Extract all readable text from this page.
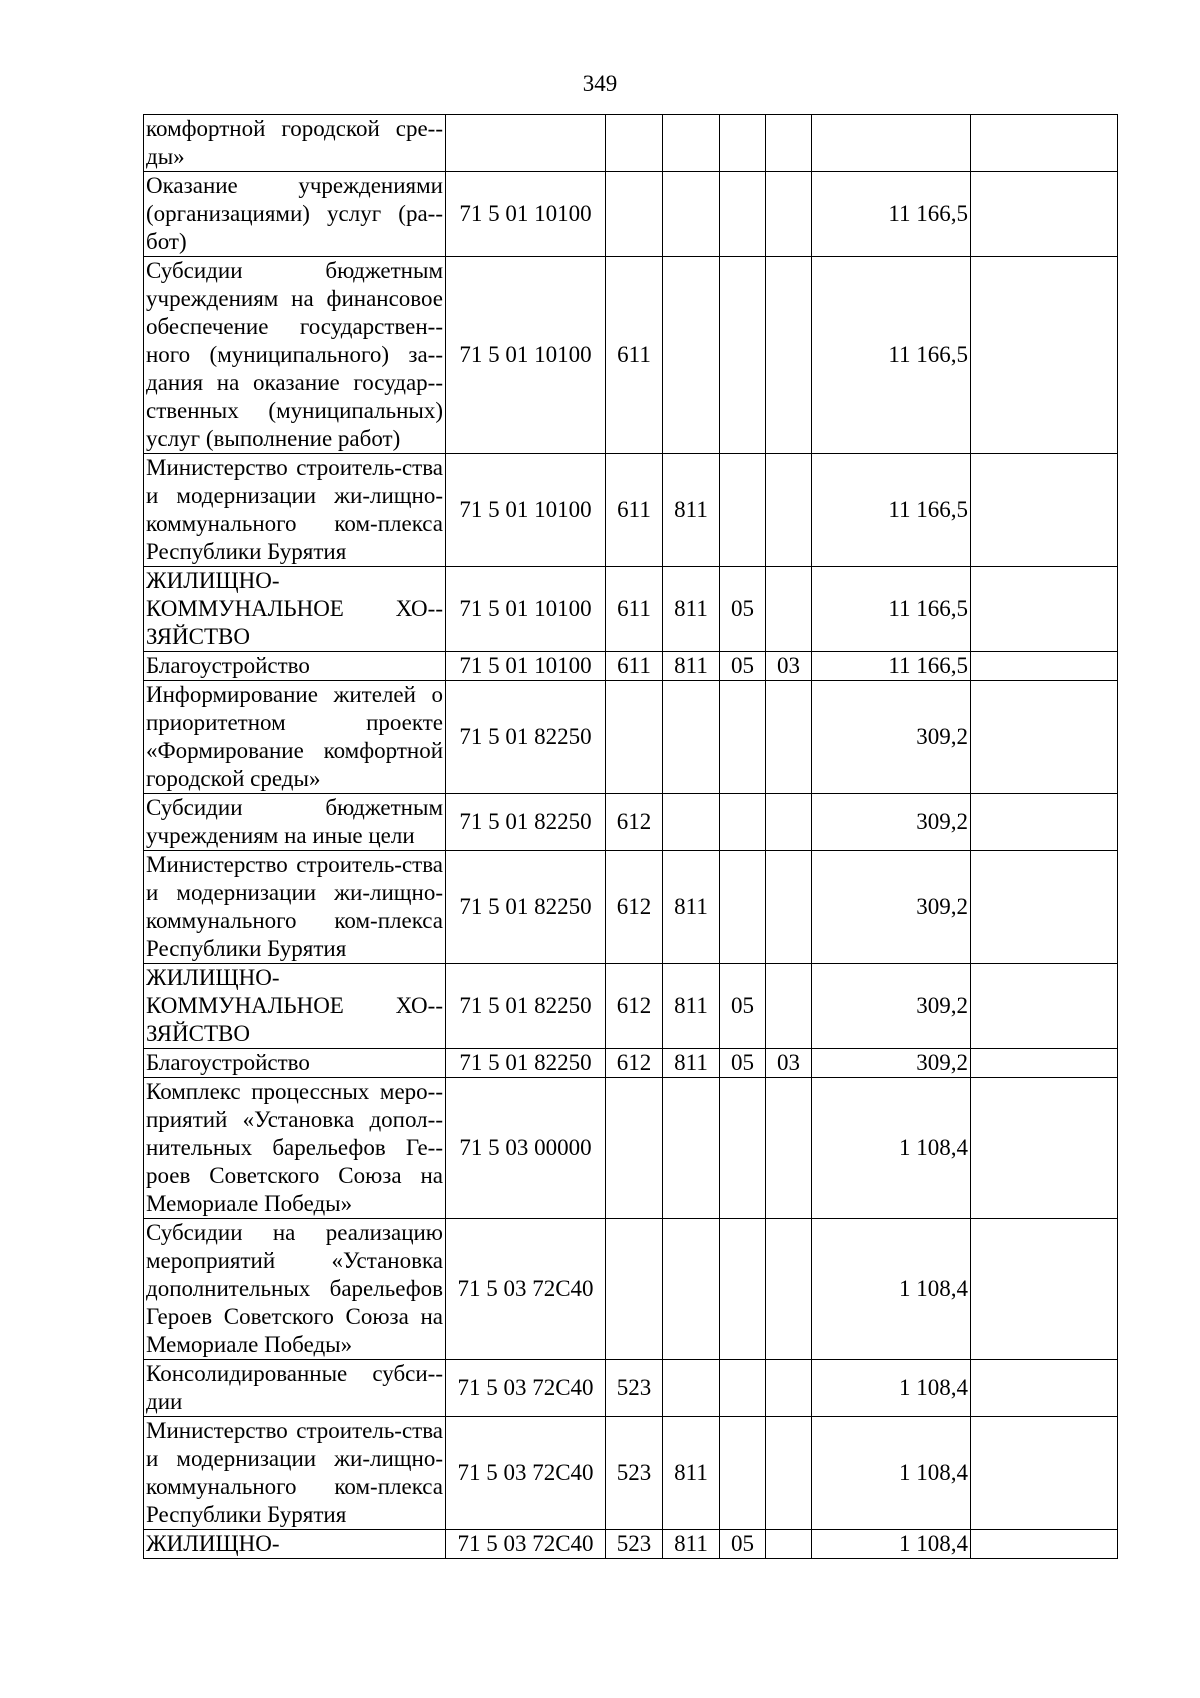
349
комфортной городской сре-ды»							
Оказание учреждениями (организациями) услуг (ра-бот)	71 5 01 10100					11 166,5	
Субсидии бюджетным учреждениям на финансовое обеспечение государствен-ного (муниципального) за-дания на оказание государ-ственных (муниципальных) услуг (выполнение работ)	71 5 01 10100	611				11 166,5	
Министерство строитель-ства и модернизации жи-лищно-коммунального ком-плекса Республики Бурятия	71 5 01 10100	611	811			11 166,5	
ЖИЛИЩНО-КОММУНАЛЬНОЕ ХО-ЗЯЙСТВО	71 5 01 10100	611	811	05		11 166,5	
Благоустройство	71 5 01 10100	611	811	05	03	11 166,5	
Информирование жителей о приоритетном проекте «Формирование комфортной городской среды»	71 5 01 82250					309,2	
Субсидии бюджетным учреждениям на иные цели	71 5 01 82250	612				309,2	
Министерство строитель-ства и модернизации жи-лищно-коммунального ком-плекса Республики Бурятия	71 5 01 82250	612	811			309,2	
ЖИЛИЩНО-КОММУНАЛЬНОЕ ХО-ЗЯЙСТВО	71 5 01 82250	612	811	05		309,2	
Благоустройство	71 5 01 82250	612	811	05	03	309,2	
Комплекс процессных меро-приятий «Установка допол-нительных барельефов Ге-роев Советского Союза на Мемориале Победы»	71 5 03 00000					1 108,4	
Субсидии на реализацию мероприятий «Установка дополнительных барельефов Героев Советского Союза на Мемориале Победы»	71 5 03 72С40					1 108,4	
Консолидированные субси-дии	71 5 03 72С40	523				1 108,4	
Министерство строитель-ства и модернизации жи-лищно-коммунального ком-плекса Республики Бурятия	71 5 03 72С40	523	811			1 108,4	
ЖИЛИЩНО-	71 5 03 72С40	523	811	05		1 108,4	
